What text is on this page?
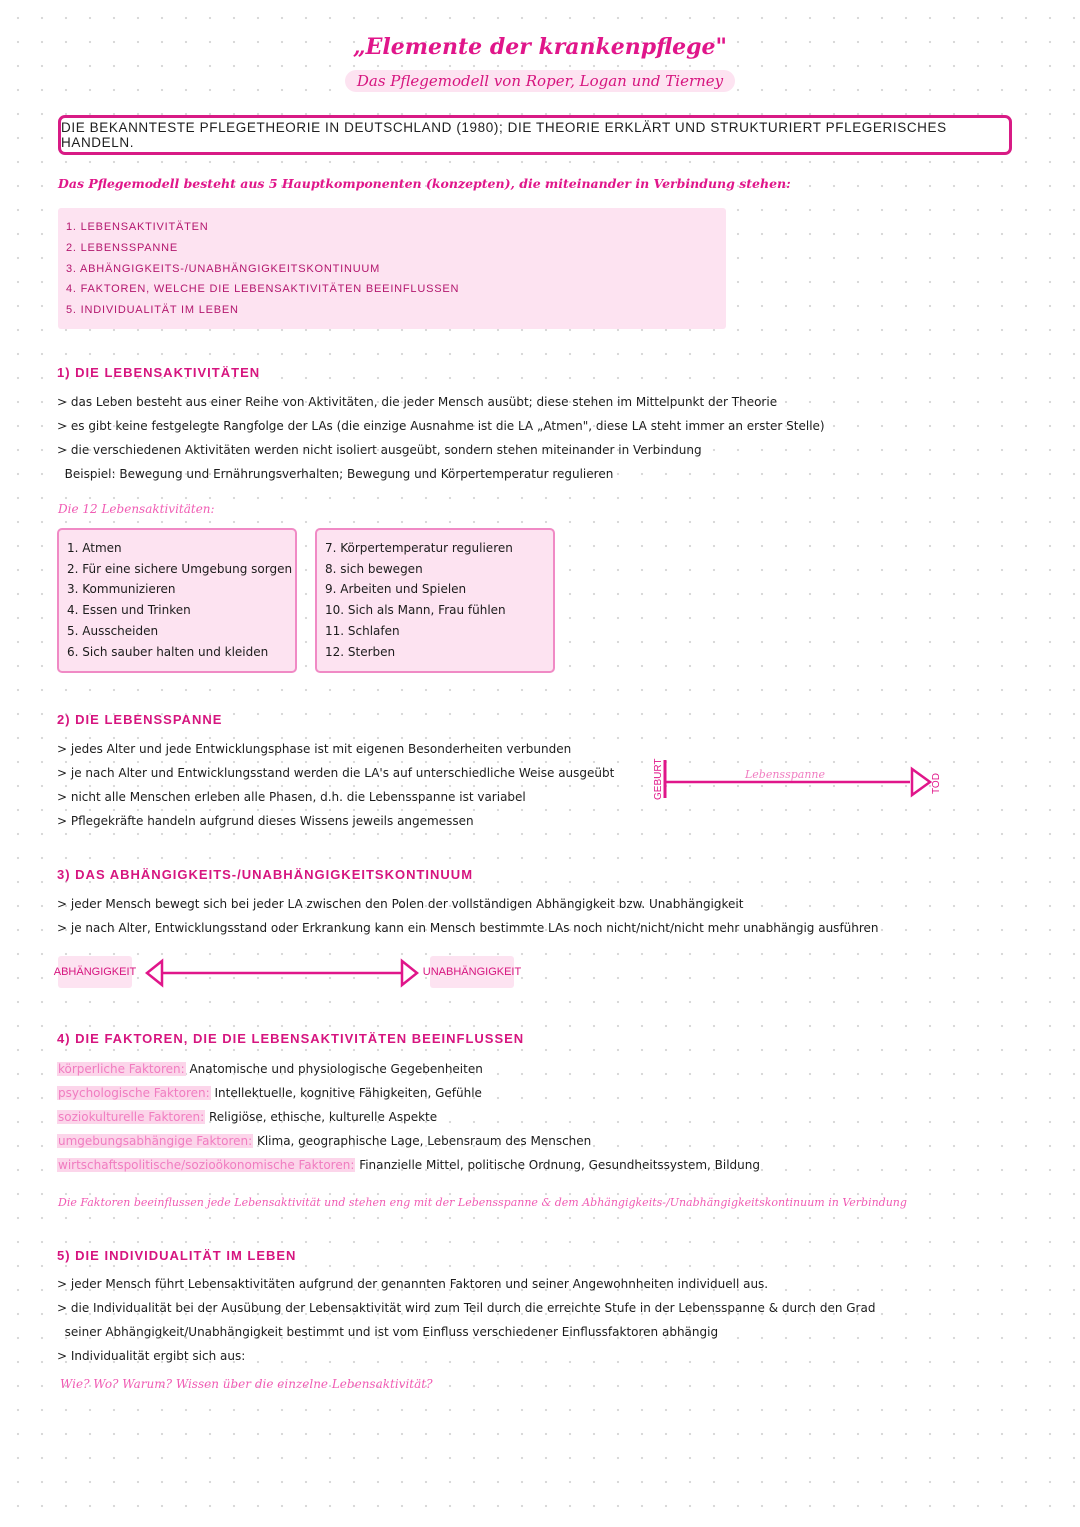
„Elemente der krankenpflege"
Das Pflegemodell von Roper, Logan und Tierney
DIE BEKANNTESTE PFLEGETHEORIE IN DEUTSCHLAND (1980); DIE THEORIE ERKLÄRT UND STRUKTURIERT PFLEGERISCHES HANDELN.
Das Pflegemodell besteht aus 5 Hauptkomponenten (konzepten), die miteinander in Verbindung stehen:
1. LEBENSAKTIVITÄTEN
2. LEBENSSPANNE
3. ABHÄNGIGKEITS-/UNABHÄNGIGKEITSKONTINUUM
4. FAKTOREN, WELCHE DIE LEBENSAKTIVITÄTEN BEEINFLUSSEN
5. INDIVIDUALITÄT IM LEBEN
1) DIE LEBENSAKTIVITÄTEN
> das Leben besteht aus einer Reihe von Aktivitäten, die jeder Mensch ausübt; diese stehen im Mittelpunkt der Theorie
> es gibt keine festgelegte Rangfolge der LAs (die einzige Ausnahme ist die LA „Atmen", diese LA steht immer an erster Stelle)
> die verschiedenen Aktivitäten werden nicht isoliert ausgeübt, sondern stehen miteinander in Verbindung
Beispiel: Bewegung und Ernährungsverhalten; Bewegung und Körpertemperatur regulieren
Die 12 Lebensaktivitäten:
1. Atmen
2. Für eine sichere Umgebung sorgen
3. Kommunizieren
4. Essen und Trinken
5. Ausscheiden
6. Sich sauber halten und kleiden
7. Körpertemperatur regulieren
8. sich bewegen
9. Arbeiten und Spielen
10. Sich als Mann, Frau fühlen
11. Schlafen
12. Sterben
2) DIE LEBENSSPANNE
> jedes Alter und jede Entwicklungsphase ist mit eigenen Besonderheiten verbunden
> je nach Alter und Entwicklungsstand werden die LA's auf unterschiedliche Weise ausgeübt
> nicht alle Menschen erleben alle Phasen, d.h. die Lebensspanne ist variabel
> Pflegekräfte handeln aufgrund dieses Wissens jeweils angemessen
GEBURT	Lebensspanne	TOD
3) DAS ABHÄNGIGKEITS-/UNABHÄNGIGKEITSKONTINUUM
> jeder Mensch bewegt sich bei jeder LA zwischen den Polen der vollständigen Abhängigkeit bzw. Unabhängigkeit
> je nach Alter, Entwicklungsstand oder Erkrankung kann ein Mensch bestimmte LAs noch nicht/nicht/nicht mehr unabhängig ausführen
ABHÄNGIGKEIT	UNABHÄNGIGKEIT
4) DIE FAKTOREN, DIE DIE LEBENSAKTIVITÄTEN BEEINFLUSSEN
körperliche Faktoren: Anatomische und physiologische Gegebenheiten
psychologische Faktoren: Intellektuelle, kognitive Fähigkeiten, Gefühle
soziokulturelle Faktoren: Religiöse, ethische, kulturelle Aspekte
umgebungsabhängige Faktoren: Klima, geographische Lage, Lebensraum des Menschen
wirtschaftspolitische/sozioökonomische Faktoren: Finanzielle Mittel, politische Ordnung, Gesundheitssystem, Bildung
Die Faktoren beeinflussen jede Lebensaktivität und stehen eng mit der Lebensspanne & dem Abhängigkeits-/Unabhängigkeitskontinuum in Verbindung
5) DIE INDIVIDUALITÄT IM LEBEN
> jeder Mensch führt Lebensaktivitäten aufgrund der genannten Faktoren und seiner Angewohnheiten individuell aus.
> die Individualität bei der Ausübung der Lebensaktivität wird zum Teil durch die erreichte Stufe in der Lebensspanne & durch den Grad
seiner Abhängigkeit/Unabhängigkeit bestimmt und ist vom Einfluss verschiedener Einflussfaktoren abhängig
> Individualität ergibt sich aus:
Wie? Wo? Warum? Wissen über die einzelne Lebensaktivität?
